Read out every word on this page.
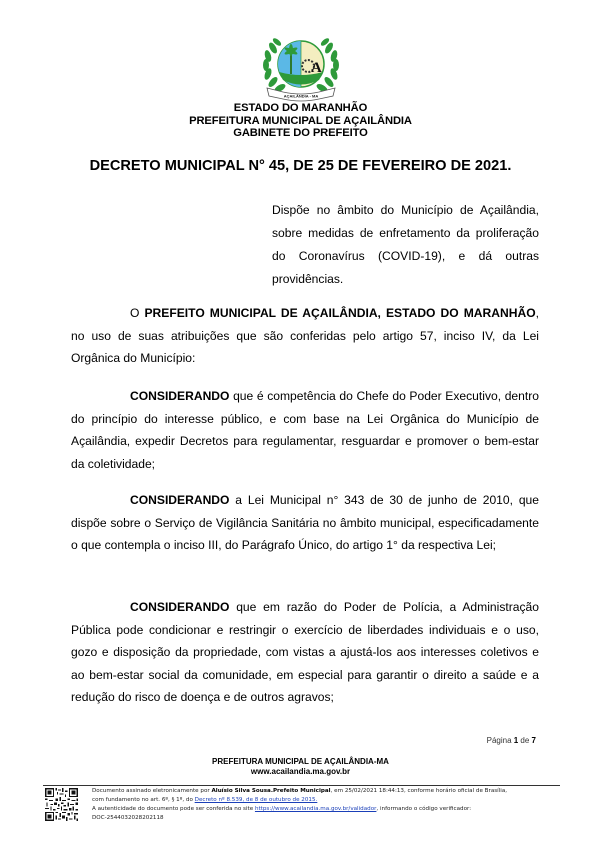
A
AÇAILÂNDIA - MA
ESTADO DO MARANHÃO
PREFEITURA MUNICIPAL DE AÇAILÂNDIA
GABINETE DO PREFEITO
DECRETO MUNICIPAL N° 45, DE 25 DE FEVEREIRO DE 2021.
Dispõe no âmbito do Município de Açailândia, sobre medidas de enfretamento da proliferação do Coronavírus (COVID-19), e dá outras providências.
O PREFEITO MUNICIPAL DE AÇAILÂNDIA, ESTADO DO MARANHÃO, no uso de suas atribuições que são conferidas pelo artigo 57, inciso IV, da Lei Orgânica do Município:
CONSIDERANDO que é competência do Chefe do Poder Executivo, dentro do princípio do interesse público, e com base na Lei Orgânica do Município de Açailândia, expedir Decretos para regulamentar, resguardar e promover o bem-estar da coletividade;
CONSIDERANDO a Lei Municipal n° 343 de 30 de junho de 2010, que dispõe sobre o Serviço de Vigilância Sanitária no âmbito municipal, especificadamente o que contempla o inciso III, do Parágrafo Único, do artigo 1° da respectiva Lei;
CONSIDERANDO que em razão do Poder de Polícia, a Administração Pública pode condicionar e restringir o exercício de liberdades individuais e o uso, gozo e disposição da propriedade, com vistas a ajustá-los aos interesses coletivos e ao bem-estar social da comunidade, em especial para garantir o direito a saúde e a redução do risco de doença e de outros agravos;
Página 1 de 7
PREFEITURA MUNICIPAL DE AÇAILÂNDIA-MA
www.acailandia.ma.gov.br
Documento assinado eletronicamente por Aluísio Silva Sousa.Prefeito Municipal, em 25/02/2021 18:44:13, conforme horário oficial de Brasília,
com fundamento no art. 6º, § 1º, do Decreto nº 8.539, de 8 de outubro de 2015.
A autenticidade do documento pode ser conferida no site https://www.acailandia.ma.gov.br/validador, informando o código verificador:
DOC-2544032028202118
